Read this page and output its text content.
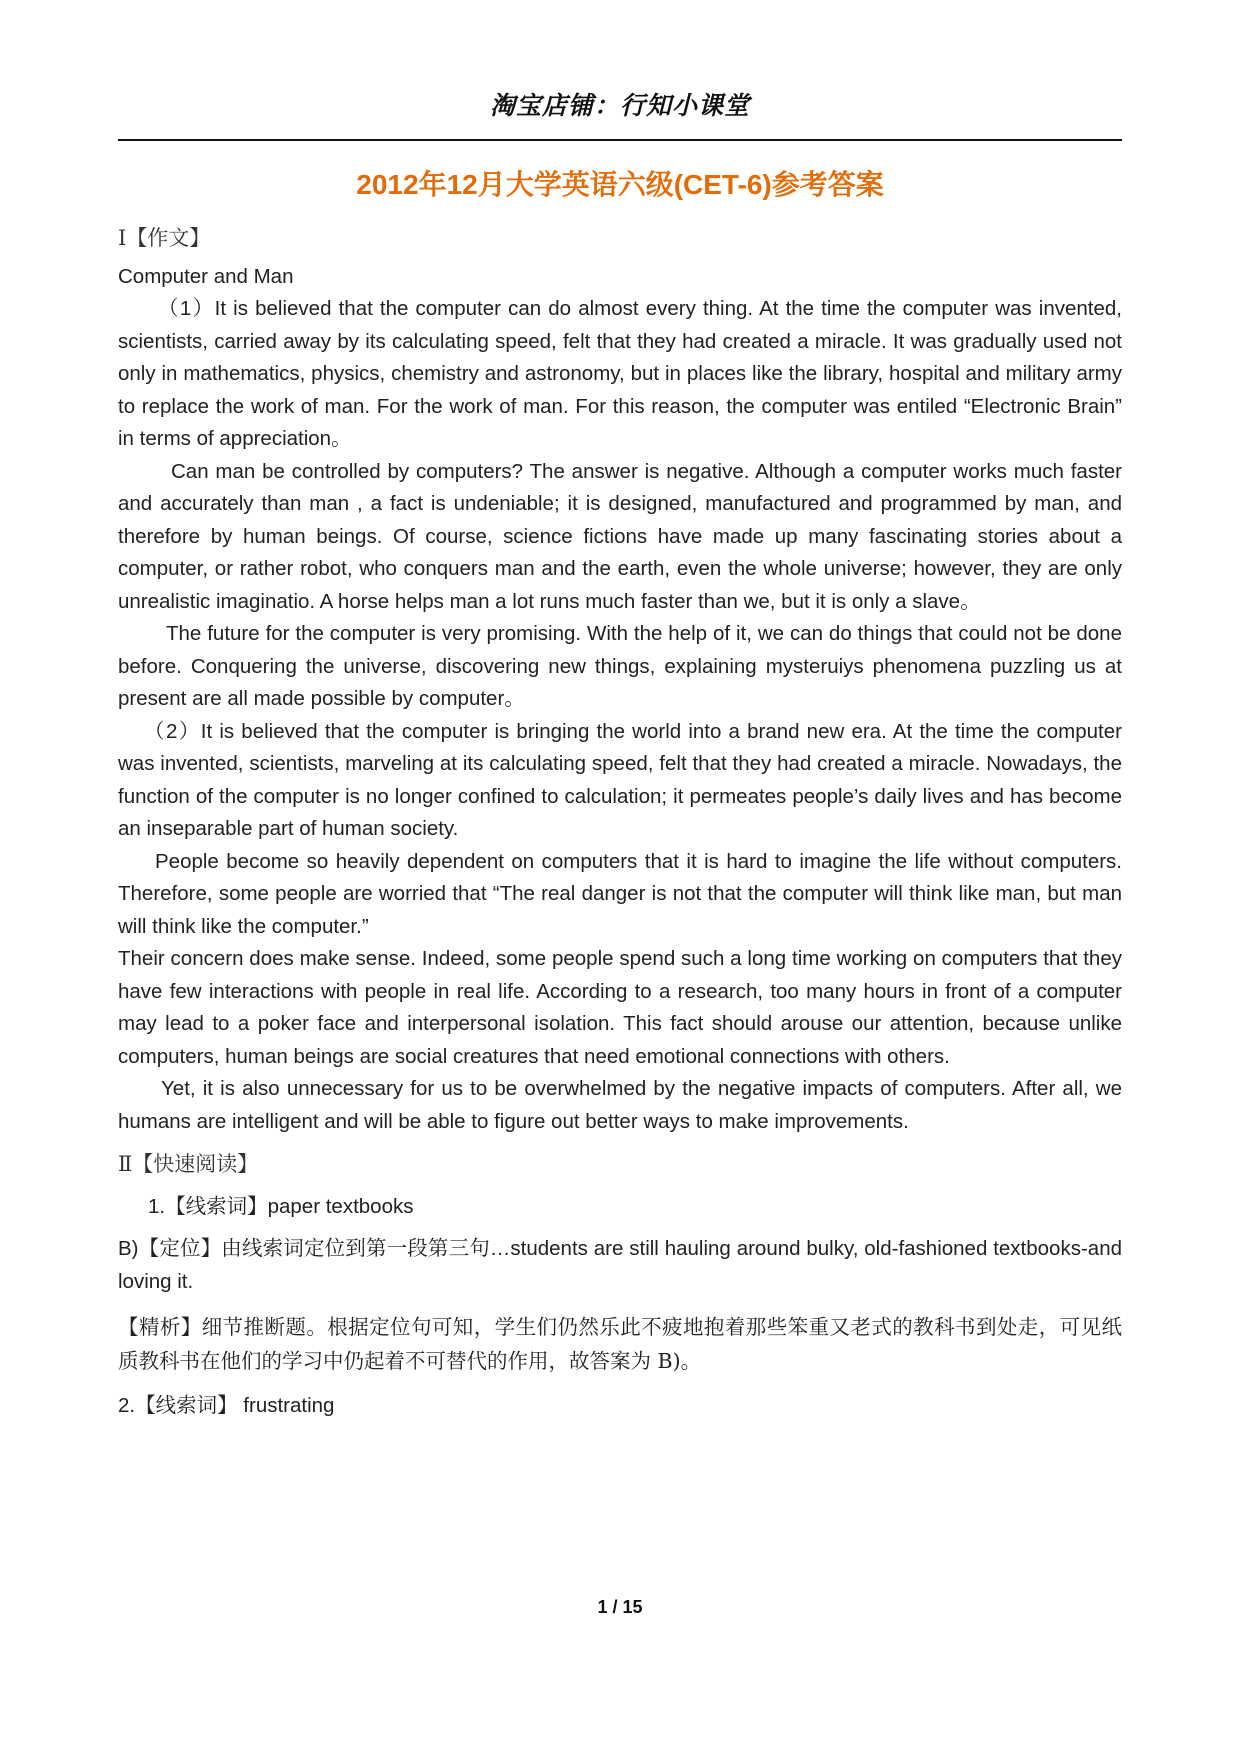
淘宝店铺：行知小课堂
2012年12月大学英语六级(CET-6)参考答案

Ⅰ【作文】

Computer and Man

（1）It is believed that the computer can do almost every thing. At the time the computer was invented, scientists, carried away by its calculating speed, felt that they had created a miracle. It was gradually used not only in mathematics, physics, chemistry and astronomy, but in places like the library, hospital and military army to replace the work of man. For the work of man. For this reason, the computer was entiled “Electronic Brain” in terms of appreciation。

Can man be controlled by computers? The answer is negative. Although a computer works much faster and accurately than man , a fact is undeniable; it is designed, manufactured and programmed by man, and therefore by human beings. Of course, science fictions have made up many fascinating stories about a computer, or rather robot, who conquers man and the earth, even the whole universe; however, they are only unrealistic imaginatio. A horse helps man a lot runs much faster than we, but it is only a slave。

The future for the computer is very promising. With the help of it, we can do things that could not be done before. Conquering the universe, discovering new things, explaining mysteruiys phenomena puzzling us at present are all made possible by computer。

（2）It is believed that the computer is bringing the world into a brand new era. At the time the computer was invented, scientists, marveling at its calculating speed, felt that they had created a miracle. Nowadays, the function of the computer is no longer confined to calculation; it permeates people’s daily lives and has become an inseparable part of human society.

People become so heavily dependent on computers that it is hard to imagine the life without computers. Therefore, some people are worried that “The real danger is not that the computer will think like man, but man will think like the computer.”

Their concern does make sense. Indeed, some people spend such a long time working on computers that they have few interactions with people in real life. According to a research, too many hours in front of a computer may lead to a poker face and interpersonal isolation. This fact should arouse our attention, because unlike computers, human beings are social creatures that need emotional connections with others.

Yet, it is also unnecessary for us to be overwhelmed by the negative impacts of computers. After all, we humans are intelligent and will be able to figure out better ways to make improvements.

Ⅱ【快速阅读】

1.【线索词】paper textbooks

B)【定位】由线索词定位到第一段第三句…students are still hauling around bulky, old-fashioned textbooks-and loving it.

【精析】细节推断题。根据定位句可知，学生们仍然乐此不疲地抱着那些笨重又老式的教科书到处走，可见纸质教科书在他们的学习中仍起着不可替代的作用，故答案为 B)。

2.【线索词】 frustrating

1 / 15
